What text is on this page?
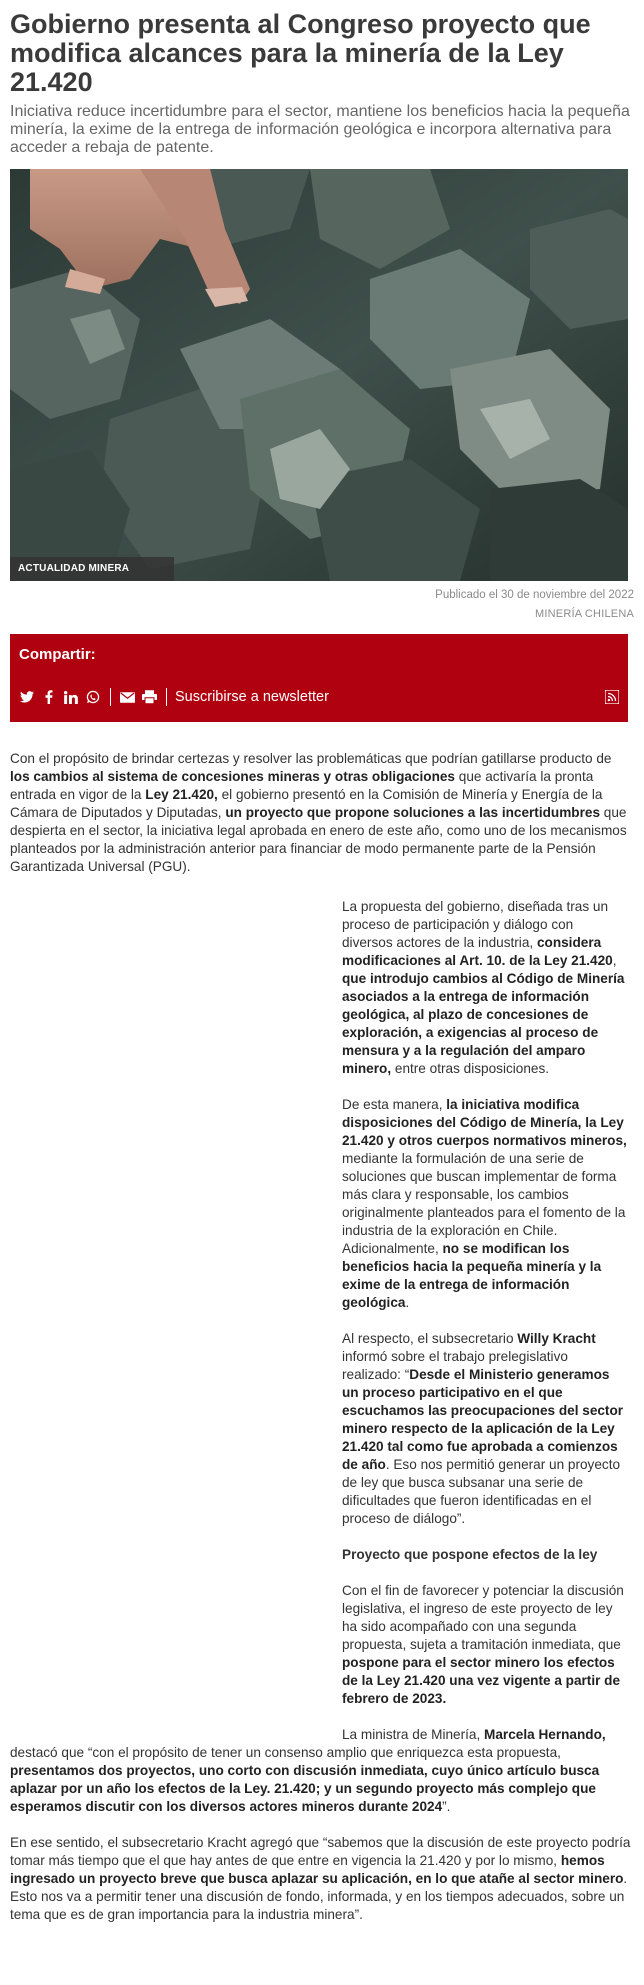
Gobierno presenta al Congreso proyecto que modifica alcances para la minería de la Ley 21.420

Iniciativa reduce incertidumbre para el sector, mantiene los beneficios hacia la pequeña minería, la exime de la entrega de información geológica e incorpora alternativa para acceder a rebaja de patente.

ACTUALIDAD MINERA
Publicado el 30 de noviembre del 2022
MINERÍA CHILENA
Compartir:
Suscribirse a newsletter

Con el propósito de brindar certezas y resolver las problemáticas que podrían gatillarse producto de los cambios al sistema de concesiones mineras y otras obligaciones que activaría la pronta entrada en vigor de la Ley 21.420, el gobierno presentó en la Comisión de Minería y Energía de la Cámara de Diputados y Diputadas, un proyecto que propone soluciones a las incertidumbres que despierta en el sector, la iniciativa legal aprobada en enero de este año, como uno de los mecanismos planteados por la administración anterior para financiar de modo permanente parte de la Pensión Garantizada Universal (PGU).

La propuesta del gobierno, diseñada tras un proceso de participación y diálogo con diversos actores de la industria, considera modificaciones al Art. 10. de la Ley 21.420, que introdujo cambios al Código de Minería asociados a la entrega de información geológica, al plazo de concesiones de exploración, a exigencias al proceso de mensura y a la regulación del amparo minero, entre otras disposiciones.

De esta manera, la iniciativa modifica disposiciones del Código de Minería, la Ley 21.420 y otros cuerpos normativos mineros, mediante la formulación de una serie de soluciones que buscan implementar de forma más clara y responsable, los cambios originalmente planteados para el fomento de la industria de la exploración en Chile. Adicionalmente, no se modifican los beneficios hacia la pequeña minería y la exime de la entrega de información geológica.

Al respecto, el subsecretario Willy Kracht informó sobre el trabajo prelegislativo realizado: “Desde el Ministerio generamos un proceso participativo en el que escuchamos las preocupaciones del sector minero respecto de la aplicación de la Ley 21.420 tal como fue aprobada a comienzos de año. Eso nos permitió generar un proyecto de ley que busca subsanar una serie de dificultades que fueron identificadas en el proceso de diálogo”.

Proyecto que pospone efectos de la ley

Con el fin de favorecer y potenciar la discusión legislativa, el ingreso de este proyecto de ley ha sido acompañado con una segunda propuesta, sujeta a tramitación inmediata, que pospone para el sector minero los efectos de la Ley 21.420 una vez vigente a partir de febrero de 2023.

La ministra de Minería, Marcela Hernando, destacó que “con el propósito de tener un consenso amplio que enriquezca esta propuesta, presentamos dos proyectos, uno corto con discusión inmediata, cuyo único artículo busca aplazar por un año los efectos de la Ley. 21.420; y un segundo proyecto más complejo que esperamos discutir con los diversos actores mineros durante 2024”.

En ese sentido, el subsecretario Kracht agregó que “sabemos que la discusión de este proyecto podría tomar más tiempo que el que hay antes de que entre en vigencia la 21.420 y por lo mismo, hemos ingresado un proyecto breve que busca aplazar su aplicación, en lo que atañe al sector minero. Esto nos va a permitir tener una discusión de fondo, informada, y en los tiempos adecuados, sobre un tema que es de gran importancia para la industria minera”.
